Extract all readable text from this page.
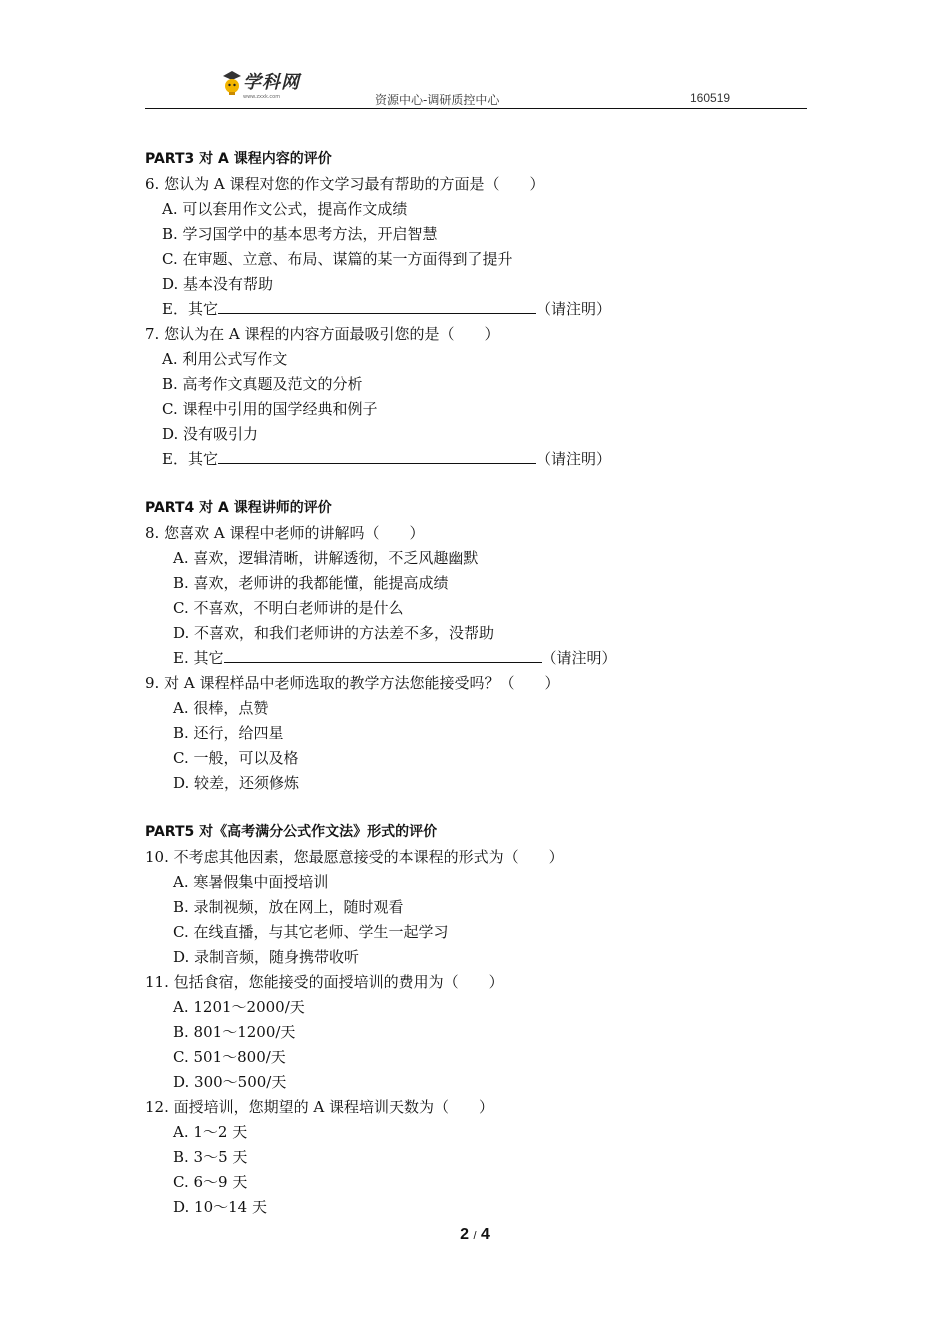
学科网
www.zxxk.com	资源中心-调研质控中心	160519
PART3 对 A 课程内容的评价
6. 您认为 A 课程对您的作文学习最有帮助的方面是（　　）
A. 可以套用作文公式，提高作文成绩
B. 学习国学中的基本思考方法，开启智慧
C. 在审题、立意、布局、谋篇的某一方面得到了提升
D. 基本没有帮助
E．其它	（请注明）
7. 您认为在 A 课程的内容方面最吸引您的是（　　）
A. 利用公式写作文
B. 高考作文真题及范文的分析
C. 课程中引用的国学经典和例子
D. 没有吸引力
E．其它	（请注明）
PART4 对 A 课程讲师的评价
8. 您喜欢 A 课程中老师的讲解吗（　　）
A. 喜欢，逻辑清晰，讲解透彻，不乏风趣幽默
B. 喜欢，老师讲的我都能懂，能提高成绩
C. 不喜欢，不明白老师讲的是什么
D. 不喜欢，和我们老师讲的方法差不多，没帮助
E. 其它	（请注明）
9. 对 A 课程样品中老师选取的教学方法您能接受吗？（　　）
A. 很棒，点赞
B. 还行，给四星
C. 一般，可以及格
D. 较差，还须修炼
PART5 对《高考满分公式作文法》形式的评价
10. 不考虑其他因素，您最愿意接受的本课程的形式为（　　）
A. 寒暑假集中面授培训
B. 录制视频，放在网上，随时观看
C. 在线直播，与其它老师、学生一起学习
D. 录制音频，随身携带收听
11. 包括食宿，您能接受的面授培训的费用为（　　）
A. 1201～2000/天
B. 801～1200/天
C. 501～800/天
D. 300～500/天
12. 面授培训，您期望的 A 课程培训天数为（　　）
A. 1～2 天
B. 3～5 天
C. 6～9 天
D. 10～14 天
2 / 4
